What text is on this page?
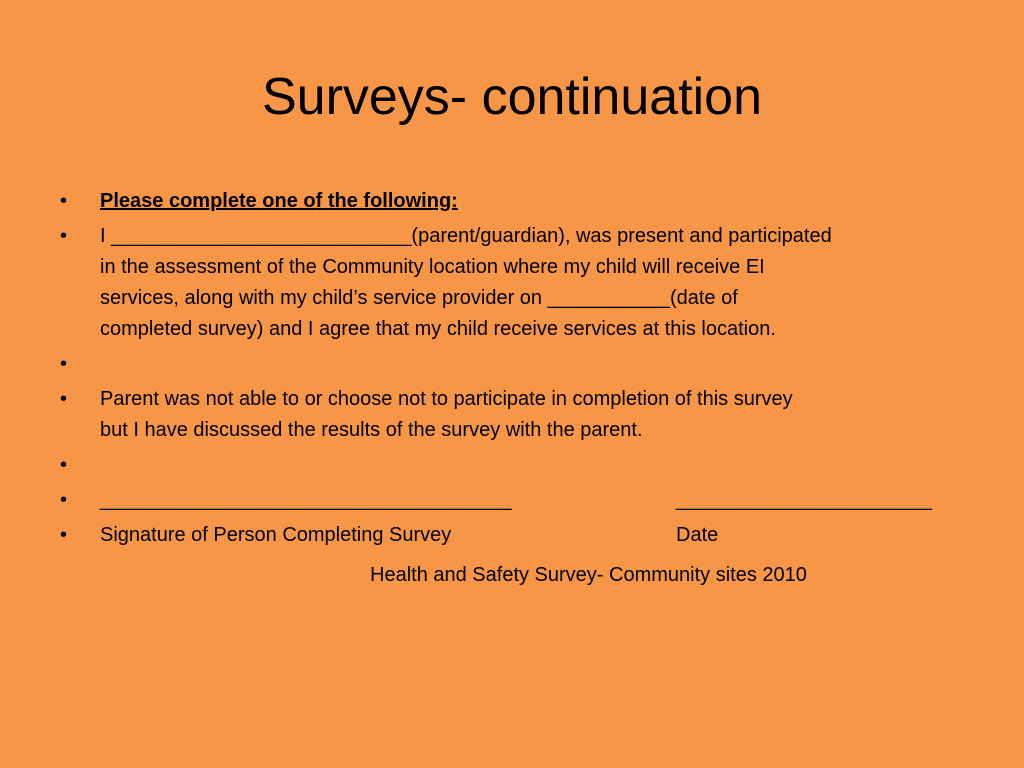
Surveys- continuation
•	Please complete one of the following:
•	I ___________________________(parent/guardian), was present and participated
in the assessment of the Community location where my child will receive EI
services, along with my child’s service provider on ___________(date of
completed survey) and I agree that my child receive services at this location.
•
•	Parent was not able to or choose not to participate in completion of this survey
but I have discussed the results of the survey with the parent.
•
•	_____________________________________	_______________________
•	Signature of Person Completing Survey	Date
Health and Safety Survey- Community sites 2010
